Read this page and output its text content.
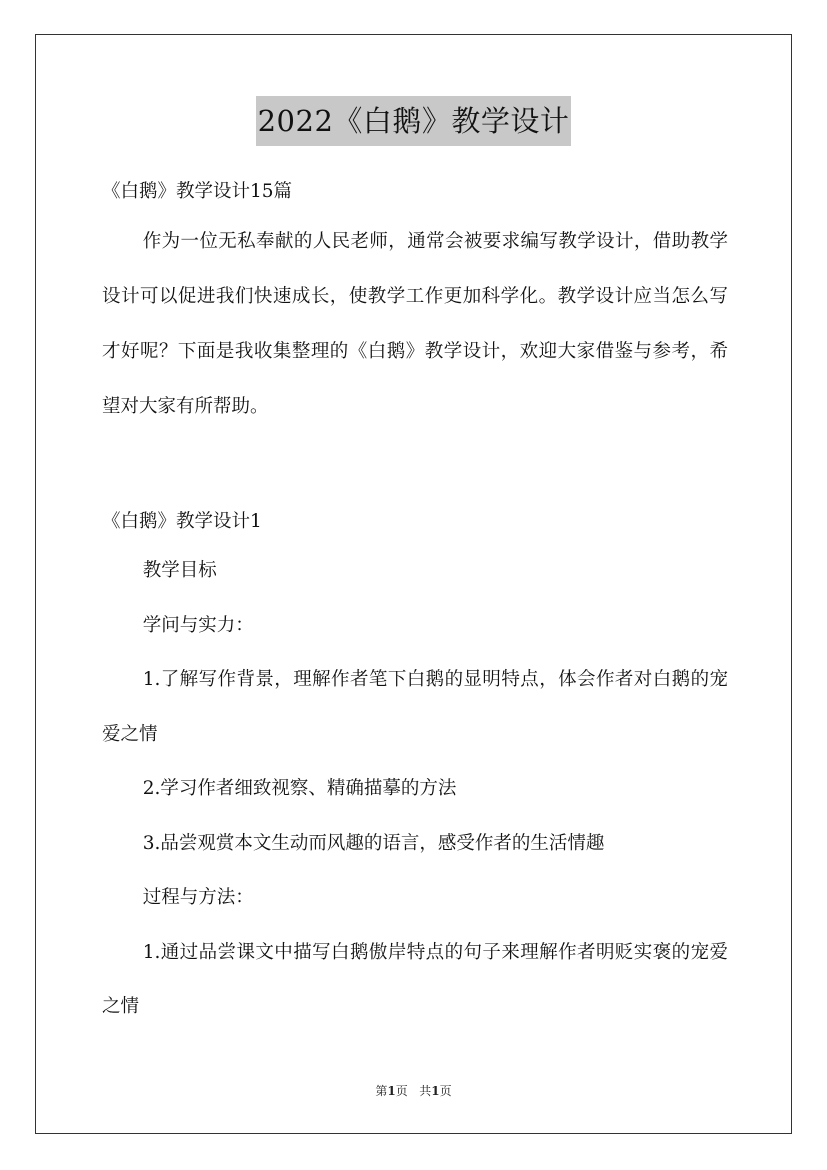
2022《白鹅》教学设计

《白鹅》教学设计15篇

作为一位无私奉献的人民老师，通常会被要求编写教学设计，借助教学设计可以促进我们快速成长，使教学工作更加科学化。教学设计应当怎么写才好呢？下面是我收集整理的《白鹅》教学设计，欢迎大家借鉴与参考，希望对大家有所帮助。

《白鹅》教学设计1

教学目标

学问与实力：

1.了解写作背景，理解作者笔下白鹅的显明特点，体会作者对白鹅的宠爱之情

2.学习作者细致视察、精确描摹的方法

3.品尝观赏本文生动而风趣的语言，感受作者的生活情趣

过程与方法：

1.通过品尝课文中描写白鹅傲岸特点的句子来理解作者明贬实褒的宠爱之情

第1页 共1页
